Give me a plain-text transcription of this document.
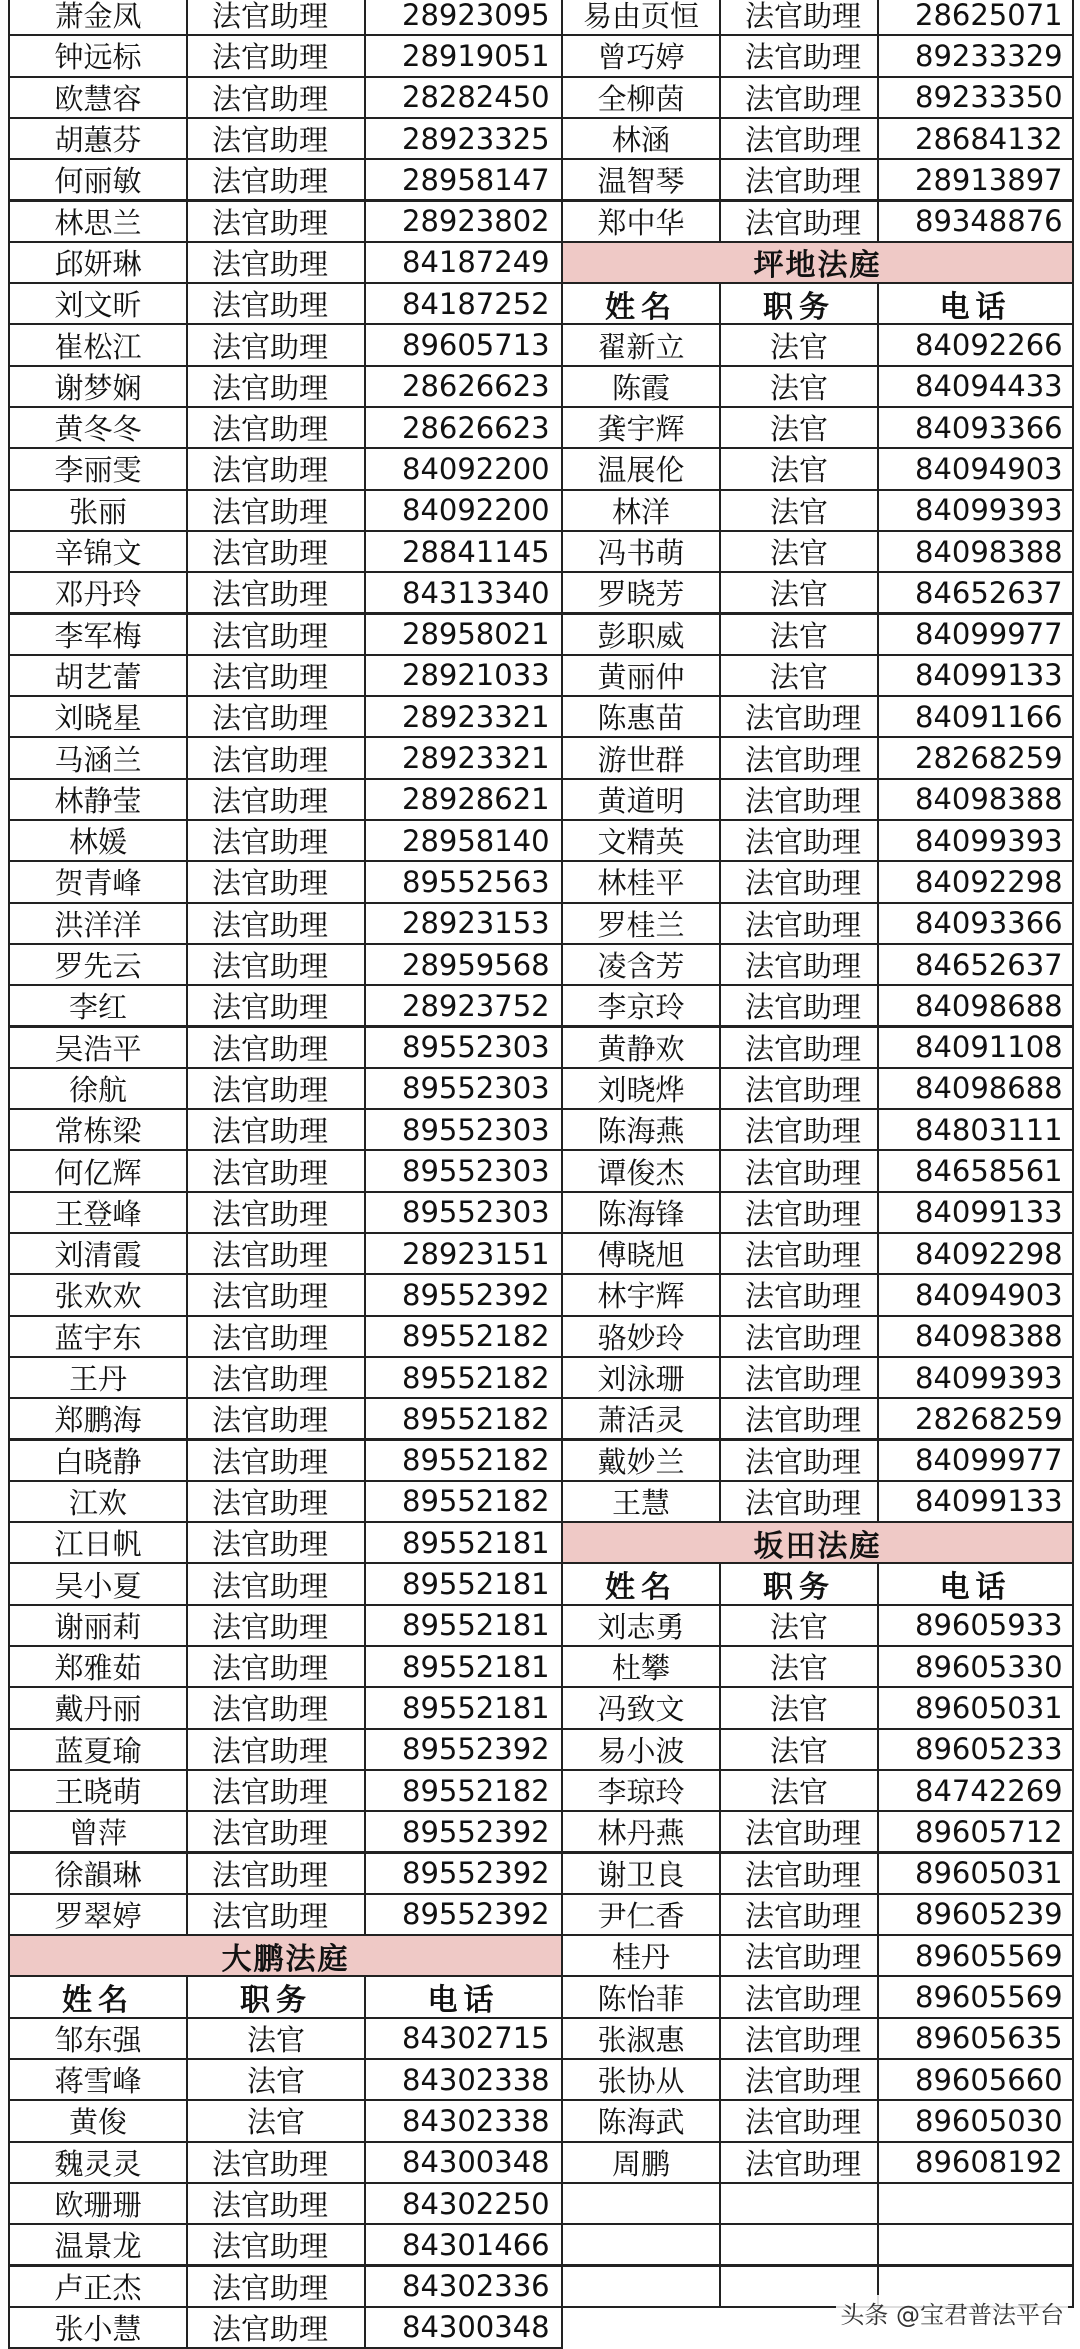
萧金凤	法官助理	28923095
钟远标	法官助理	28919051
欧慧容	法官助理	28282450
胡蕙芬	法官助理	28923325
何丽敏	法官助理	28958147
林思兰	法官助理	28923802
邱妍琳	法官助理	84187249
刘文昕	法官助理	84187252
崔松江	法官助理	89605713
谢梦娴	法官助理	28626623
黄冬冬	法官助理	28626623
李丽雯	法官助理	84092200
张丽	法官助理	84092200
辛锦文	法官助理	28841145
邓丹玲	法官助理	84313340
李军梅	法官助理	28958021
胡艺蕾	法官助理	28921033
刘晓星	法官助理	28923321
马涵兰	法官助理	28923321
林静莹	法官助理	28928621
林媛	法官助理	28958140
贺青峰	法官助理	89552563
洪洋洋	法官助理	28923153
罗先云	法官助理	28959568
李红	法官助理	28923752
吴浩平	法官助理	89552303
徐航	法官助理	89552303
常栋梁	法官助理	89552303
何亿辉	法官助理	89552303
王登峰	法官助理	89552303
刘清霞	法官助理	28923151
张欢欢	法官助理	89552392
蓝宇东	法官助理	89552182
王丹	法官助理	89552182
郑鹏海	法官助理	89552182
白晓静	法官助理	89552182
江欢	法官助理	89552182
江日帆	法官助理	89552181
吴小夏	法官助理	89552181
谢丽莉	法官助理	89552181
郑雅茹	法官助理	89552181
戴丹丽	法官助理	89552181
蓝夏瑜	法官助理	89552392
王晓萌	法官助理	89552182
曾萍	法官助理	89552392
徐韻琳	法官助理	89552392
罗翠婷	法官助理	89552392
大鹏法庭
姓名	职务	电话
邹东强	法官	84302715
蒋雪峰	法官	84302338
黄俊	法官	84302338
魏灵灵	法官助理	84300348
欧珊珊	法官助理	84302250
温景龙	法官助理	84301466
卢正杰	法官助理	84302336
张小慧	法官助理	84300348
易由页恒	法官助理	28625071
曾巧婷	法官助理	89233329
全柳茵	法官助理	89233350
林涵	法官助理	28684132
温智琴	法官助理	28913897
郑中华	法官助理	89348876
坪地法庭
姓名	职务	电话
翟新立	法官	84092266
陈霞	法官	84094433
龚宇辉	法官	84093366
温展伦	法官	84094903
林洋	法官	84099393
冯书萌	法官	84098388
罗晓芳	法官	84652637
彭职威	法官	84099977
黄丽仲	法官	84099133
陈惠苗	法官助理	84091166
游世群	法官助理	28268259
黄道明	法官助理	84098388
文精英	法官助理	84099393
林桂平	法官助理	84092298
罗桂兰	法官助理	84093366
凌含芳	法官助理	84652637
李京玲	法官助理	84098688
黄静欢	法官助理	84091108
刘晓烨	法官助理	84098688
陈海燕	法官助理	84803111
谭俊杰	法官助理	84658561
陈海锋	法官助理	84099133
傅晓旭	法官助理	84092298
林宇辉	法官助理	84094903
骆妙玲	法官助理	84098388
刘泳珊	法官助理	84099393
萧活灵	法官助理	28268259
戴妙兰	法官助理	84099977
王慧	法官助理	84099133
坂田法庭
姓名	职务	电话
刘志勇	法官	89605933
杜攀	法官	89605330
冯致文	法官	89605031
易小波	法官	89605233
李琼玲	法官	84742269
林丹燕	法官助理	89605712
谢卫良	法官助理	89605031
尹仁香	法官助理	89605239
桂丹	法官助理	89605569
陈怡菲	法官助理	89605569
张淑惠	法官助理	89605635
张协从	法官助理	89605660
陈海武	法官助理	89605030
周鹏	法官助理	89608192
头条 @宝君普法平台
